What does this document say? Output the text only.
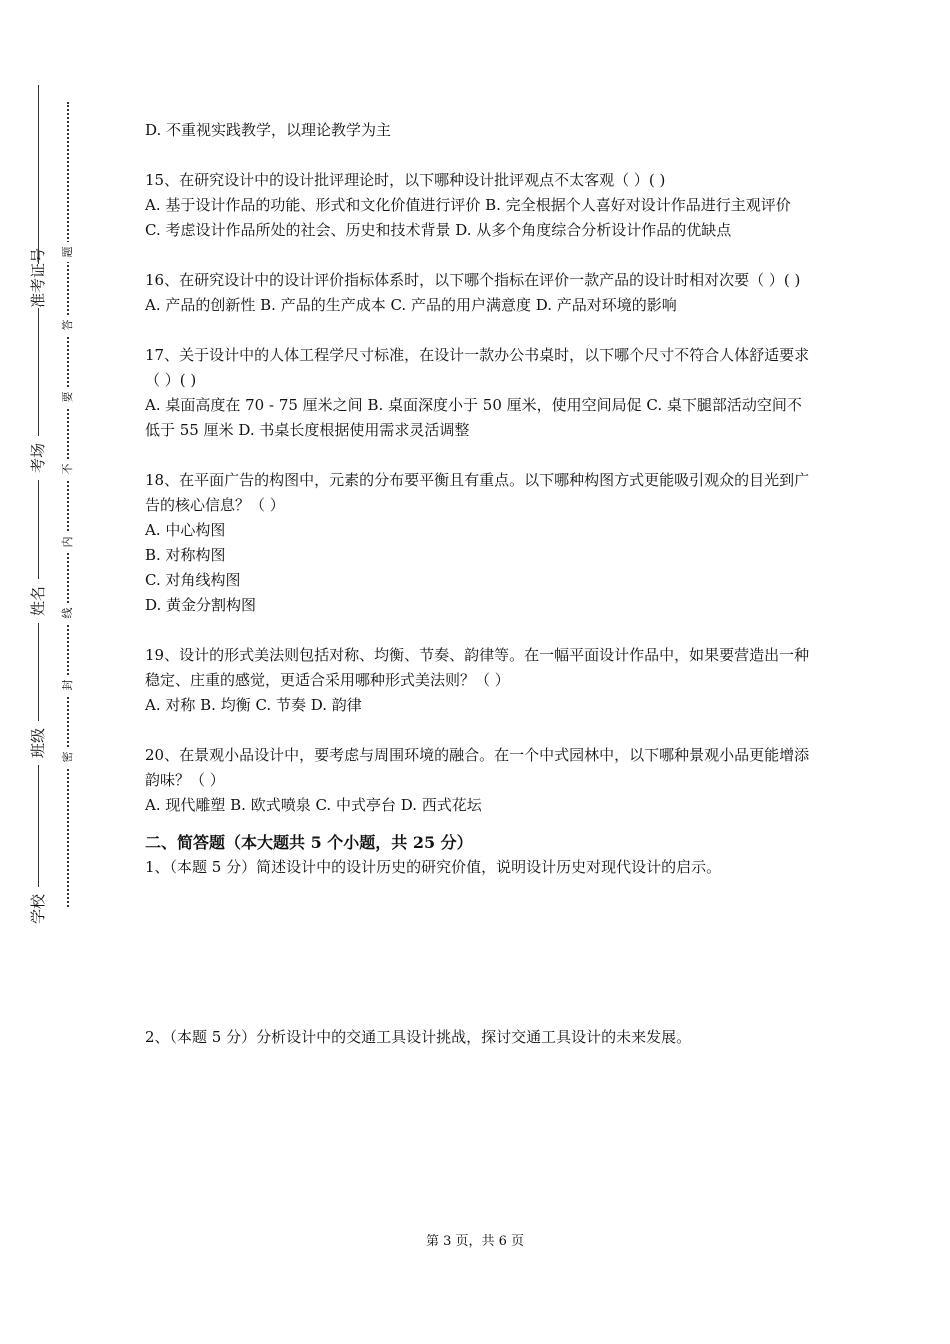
准考证号
考场
姓名
班级
学校
题
答
要
不
内
线
封
密

D. 不重视实践教学，以理论教学为主

15、在研究设计中的设计批评理论时，以下哪种设计批评观点不太客观（ ）( )

A. 基于设计作品的功能、形式和文化价值进行评价 B. 完全根据个人喜好对设计作品进行主观评价 C. 考虑设计作品所处的社会、历史和技术背景 D. 从多个角度综合分析设计作品的优缺点

16、在研究设计中的设计评价指标体系时，以下哪个指标在评价一款产品的设计时相对次要（ ）( )

A. 产品的创新性 B. 产品的生产成本 C. 产品的用户满意度 D. 产品对环境的影响

17、关于设计中的人体工程学尺寸标准，在设计一款办公书桌时，以下哪个尺寸不符合人体舒适要求（ ）( )

A. 桌面高度在 70 - 75 厘米之间 B. 桌面深度小于 50 厘米，使用空间局促 C. 桌下腿部活动空间不低于 55 厘米 D. 书桌长度根据使用需求灵活调整

18、在平面广告的构图中，元素的分布要平衡且有重点。以下哪种构图方式更能吸引观众的目光到广告的核心信息？（ ）

A. 中心构图

B. 对称构图

C. 对角线构图

D. 黄金分割构图

19、设计的形式美法则包括对称、均衡、节奏、韵律等。在一幅平面设计作品中，如果要营造出一种稳定、庄重的感觉，更适合采用哪种形式美法则？（ ）

A. 对称 B. 均衡 C. 节奏 D. 韵律

20、在景观小品设计中，要考虑与周围环境的融合。在一个中式园林中，以下哪种景观小品更能增添韵味？（ ）

A. 现代雕塑 B. 欧式喷泉 C. 中式亭台 D. 西式花坛

二、简答题（本大题共 5 个小题，共 25 分）

1、（本题 5 分）简述设计中的设计历史的研究价值，说明设计历史对现代设计的启示。

2、（本题 5 分）分析设计中的交通工具设计挑战，探讨交通工具设计的未来发展。

第 3 页，共 6 页
